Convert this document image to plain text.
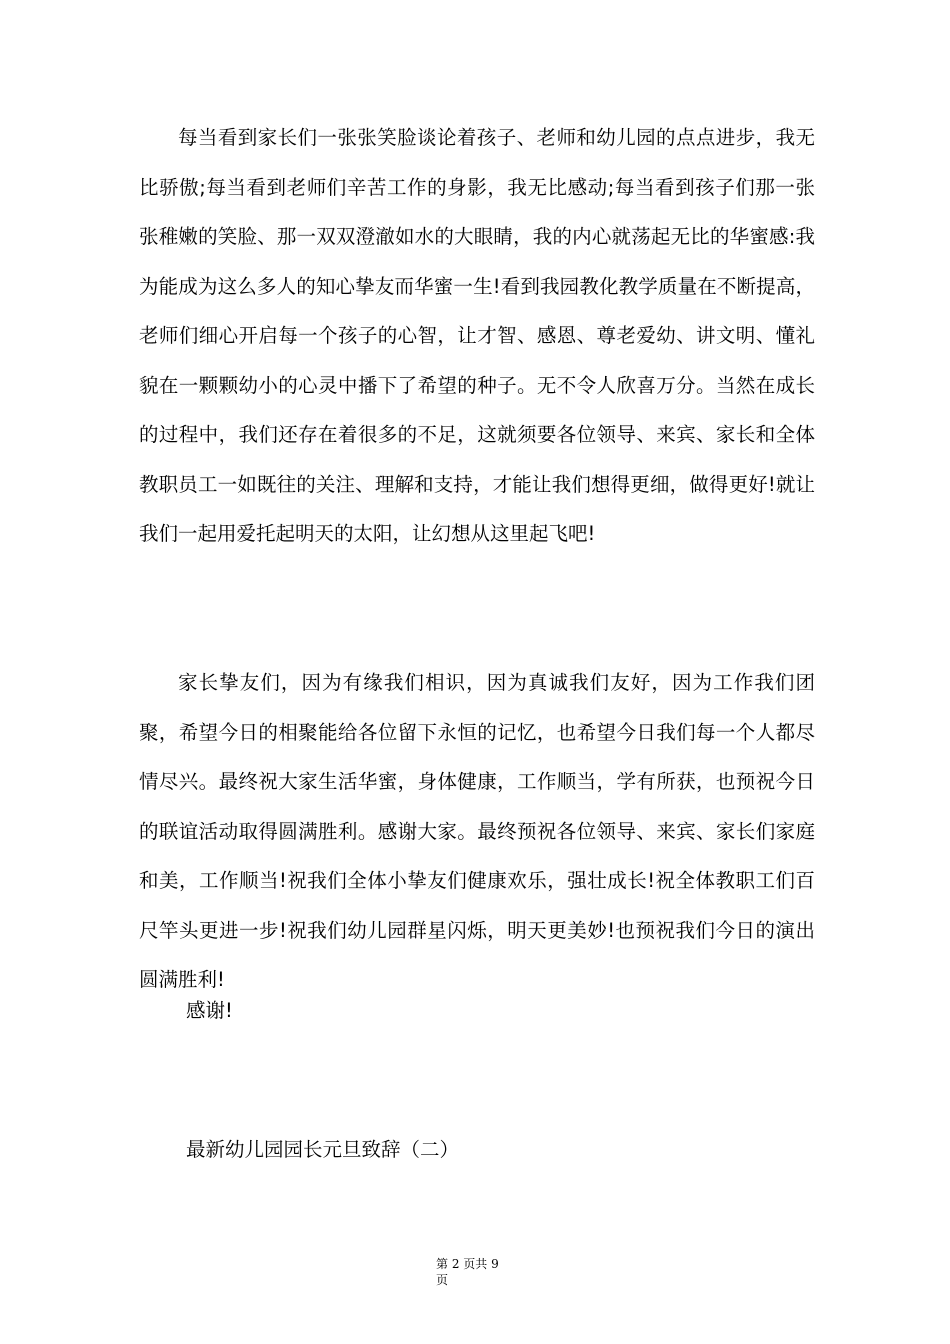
每当看到家长们一张张笑脸谈论着孩子、老师和幼儿园的点点进步，我无比骄傲;每当看到老师们辛苦工作的身影，我无比感动;每当看到孩子们那一张张稚嫩的笑脸、那一双双澄澈如水的大眼睛，我的内心就荡起无比的华蜜感:我为能成为这么多人的知心挚友而华蜜一生!看到我园教化教学质量在不断提高，老师们细心开启每一个孩子的心智，让才智、感恩、尊老爱幼、讲文明、懂礼貌在一颗颗幼小的心灵中播下了希望的种子。无不令人欣喜万分。当然在成长的过程中，我们还存在着很多的不足，这就须要各位领导、来宾、家长和全体教职员工一如既往的关注、理解和支持，才能让我们想得更细，做得更好!就让我们一起用爱托起明天的太阳，让幻想从这里起飞吧!

家长挚友们，因为有缘我们相识，因为真诚我们友好，因为工作我们团聚，希望今日的相聚能给各位留下永恒的记忆，也希望今日我们每一个人都尽情尽兴。最终祝大家生活华蜜，身体健康，工作顺当，学有所获，也预祝今日的联谊活动取得圆满胜利。感谢大家。最终预祝各位领导、来宾、家长们家庭和美，工作顺当!祝我们全体小挚友们健康欢乐，强壮成长!祝全体教职工们百尺竿头更进一步!祝我们幼儿园群星闪烁，明天更美妙!也预祝我们今日的演出圆满胜利!

感谢!

最新幼儿园园长元旦致辞（二）

第 2 页共 9
页
